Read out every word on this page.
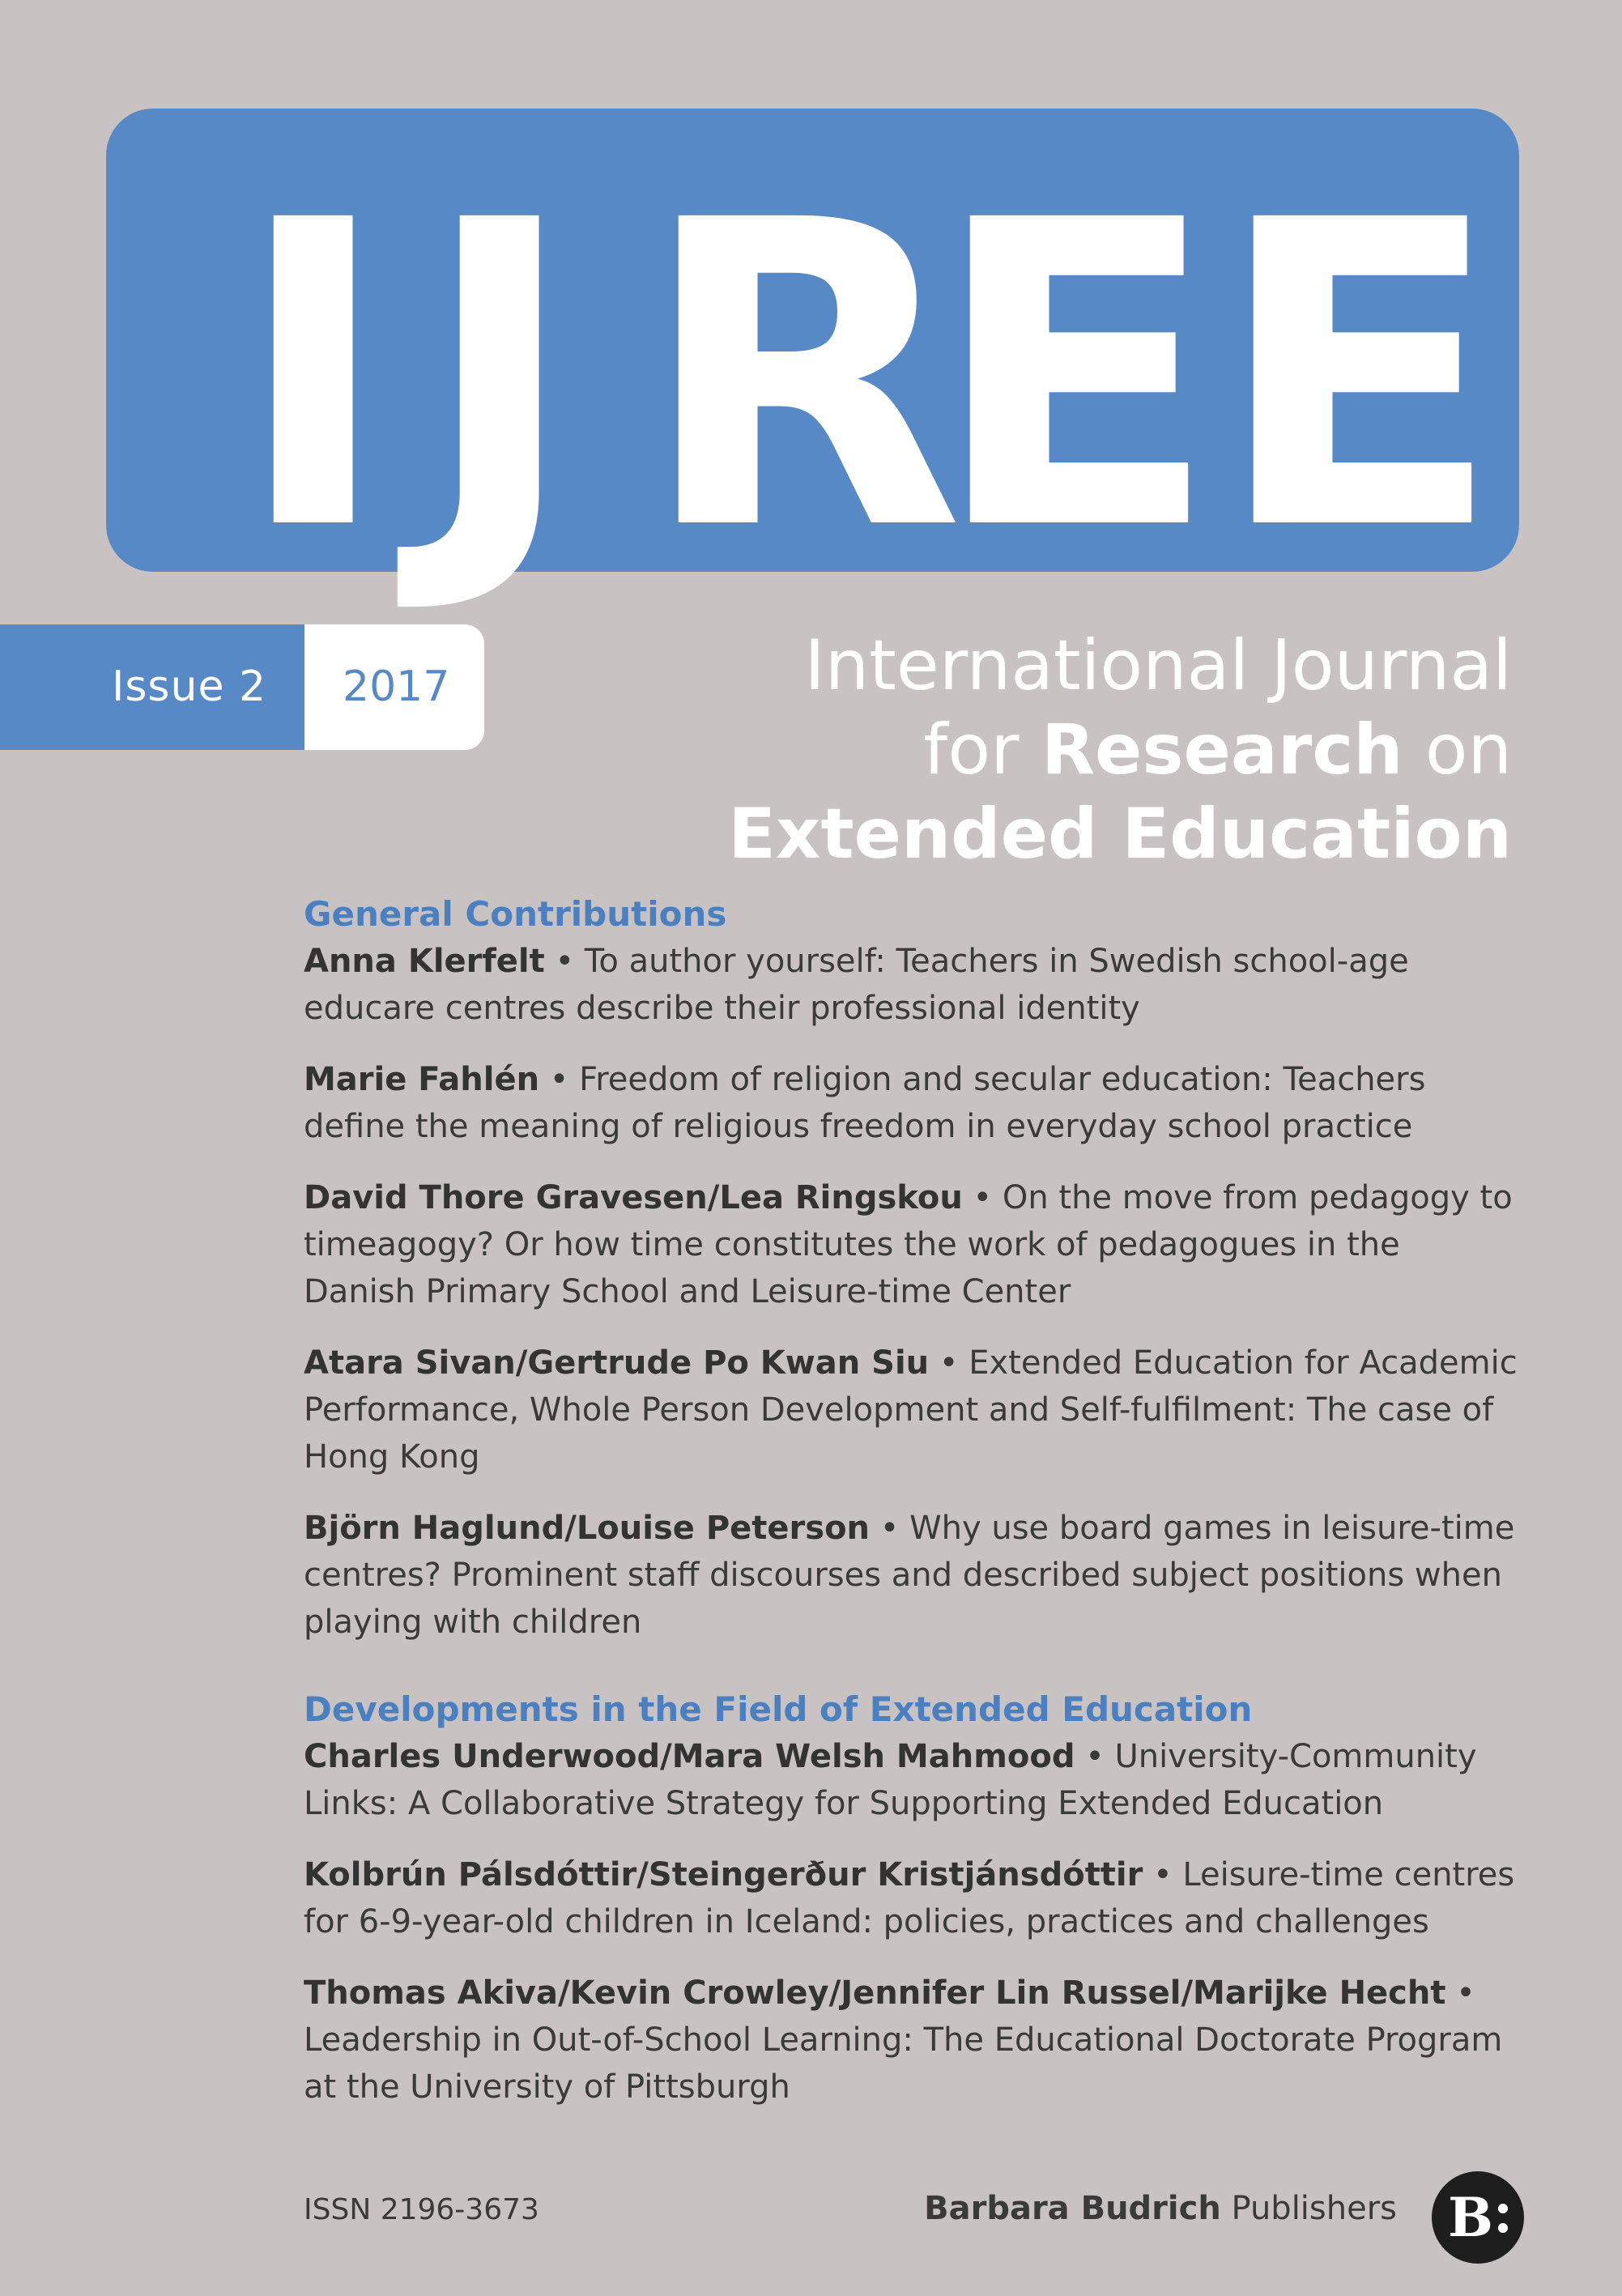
I J R
E
E
Issue 2 2017	International Journal
for Research on
Extended Education
General Contributions
Anna Klerfelt • To author yourself: Teachers in Swedish school-age educare centres describe their professional identity
Marie Fahlén • Freedom of religion and secular education: Teachers define the meaning of religious freedom in everyday school practice
David Thore Gravesen/Lea Ringskou • On the move from pedagogy to timeagogy? Or how time constitutes the work of pedagogues in the Danish Primary School and Leisure-time Center
Atara Sivan/Gertrude Po Kwan Siu • Extended Education for Academic Performance, Whole Person Development and Self-fulfilment: The case of Hong Kong
Björn Haglund/Louise Peterson • Why use board games in leisure-time centres? Prominent staff discourses and described subject positions when playing with children
Developments in the Field of Extended Education
Charles Underwood/Mara Welsh Mahmood • University-Community Links: A Collaborative Strategy for Supporting Extended Education
Kolbrún Pálsdóttir/Steingerður Kristjánsdóttir • Leisure-time centres for 6-9-year-old children in Iceland: policies, practices and challenges
Thomas Akiva/Kevin Crowley/Jennifer Lin Russel/Marijke Hecht • Leadership in Out-of-School Learning: The Educational Doctorate Program at the University of Pittsburgh
ISSN 2196-3673	Barbara Budrich Publishers B
